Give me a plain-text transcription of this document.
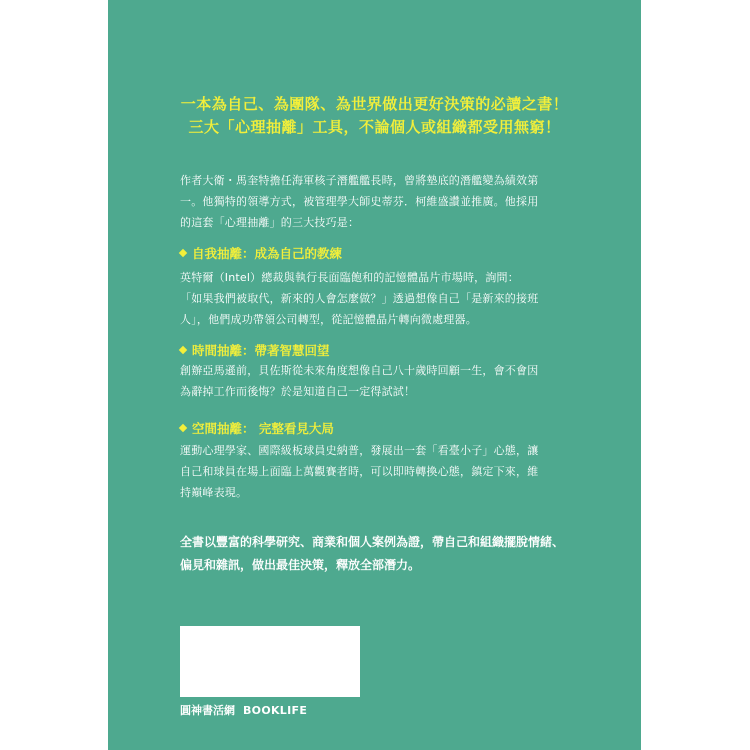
一本為自己、為團隊、為世界做出更好決策的必讀之書！
三大「心理抽離」工具，不論個人或組織都受用無窮！
作者大衛・馬奎特擔任海軍核子潛艦艦長時，曾將墊底的潛艦變為績效第
一。他獨特的領導方式，被管理學大師史蒂芬．柯維盛讚並推廣。他採用
的這套「心理抽離」的三大技巧是：
自我抽離：成為自己的教練
英特爾（Intel）總裁與執行長面臨飽和的記憶體晶片市場時，詢問：
「如果我們被取代，新來的人會怎麼做？」透過想像自己「是新來的接班
人」，他們成功帶領公司轉型，從記憶體晶片轉向微處理器。
時間抽離：帶著智慧回望
創辦亞馬遜前，貝佐斯從未來角度想像自己八十歲時回顧一生，會不會因
為辭掉工作而後悔？於是知道自己一定得試試！
空間抽離： 完整看見大局
運動心理學家、國際級板球員史納普，發展出一套「看臺小子」心態，讓
自己和球員在場上面臨上萬觀賽者時，可以即時轉換心態，鎮定下來，維
持巔峰表現。
全書以豐富的科學研究、商業和個人案例為證，帶自己和組織擺脫情緒、
偏見和雜訊，做出最佳決策，釋放全部潛力。
圓神書活網 BOOKLIFE
